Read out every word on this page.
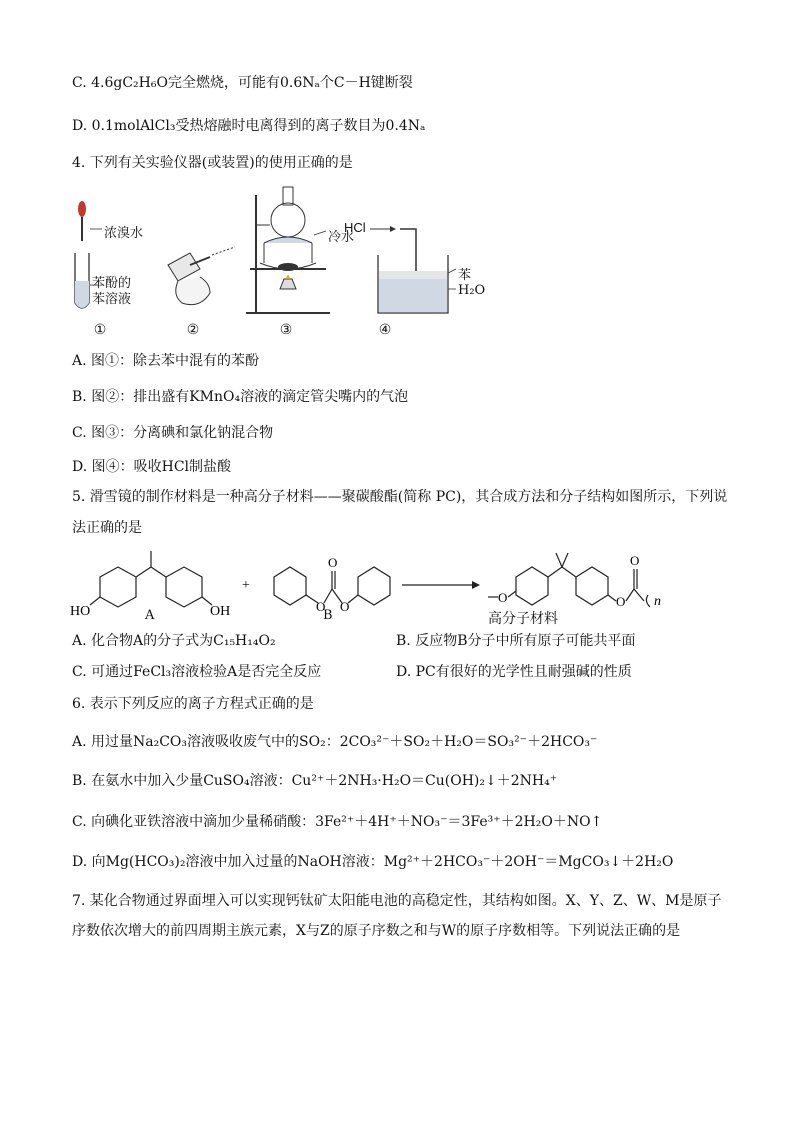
C. 4.6gC₂H₆O完全燃烧，可能有0.6Nₐ个C－H键断裂
D. 0.1molAlCl₃受热熔融时电离得到的离子数目为0.4Nₐ
4. 下列有关实验仪器(或装置)的使用正确的是
浓溴水
苯酚的
苯溶液
冷水
HCl
苯
H₂O
①	②	③	④
A. 图①：除去苯中混有的苯酚
B. 图②：排出盛有KMnO₄溶液的滴定管尖嘴内的气泡
C. 图③：分离碘和氯化钠混合物
D. 图④：吸收HCl制盐酸
5. 滑雪镜的制作材料是一种高分子材料——聚碳酸酯(简称 PC)，其合成方法和分子结构如图所示，下列说
法正确的是
HO	OH
+
O O
O
O	O
O
n
A	B	高分子材料
A. 化合物A的分子式为C₁₅H₁₄O₂	B. 反应物B分子中所有原子可能共平面
C. 可通过FeCl₃溶液检验A是否完全反应	D. PC有很好的光学性且耐强碱的性质
6. 表示下列反应的离子方程式正确的是
A. 用过量Na₂CO₃溶液吸收废气中的SO₂：2CO₃²⁻＋SO₂＋H₂O＝SO₃²⁻＋2HCO₃⁻
B. 在氨水中加入少量CuSO₄溶液：Cu²⁺＋2NH₃·H₂O＝Cu(OH)₂↓＋2NH₄⁺
C. 向碘化亚铁溶液中滴加少量稀硝酸：3Fe²⁺＋4H⁺＋NO₃⁻＝3Fe³⁺＋2H₂O＋NO↑
D. 向Mg(HCO₃)₂溶液中加入过量的NaOH溶液：Mg²⁺＋2HCO₃⁻＋2OH⁻＝MgCO₃↓＋2H₂O
7. 某化合物通过界面埋入可以实现钙钛矿太阳能电池的高稳定性，其结构如图。X、Y、Z、W、M是原子
序数依次增大的前四周期主族元素，X与Z的原子序数之和与W的原子序数相等。下列说法正确的是
